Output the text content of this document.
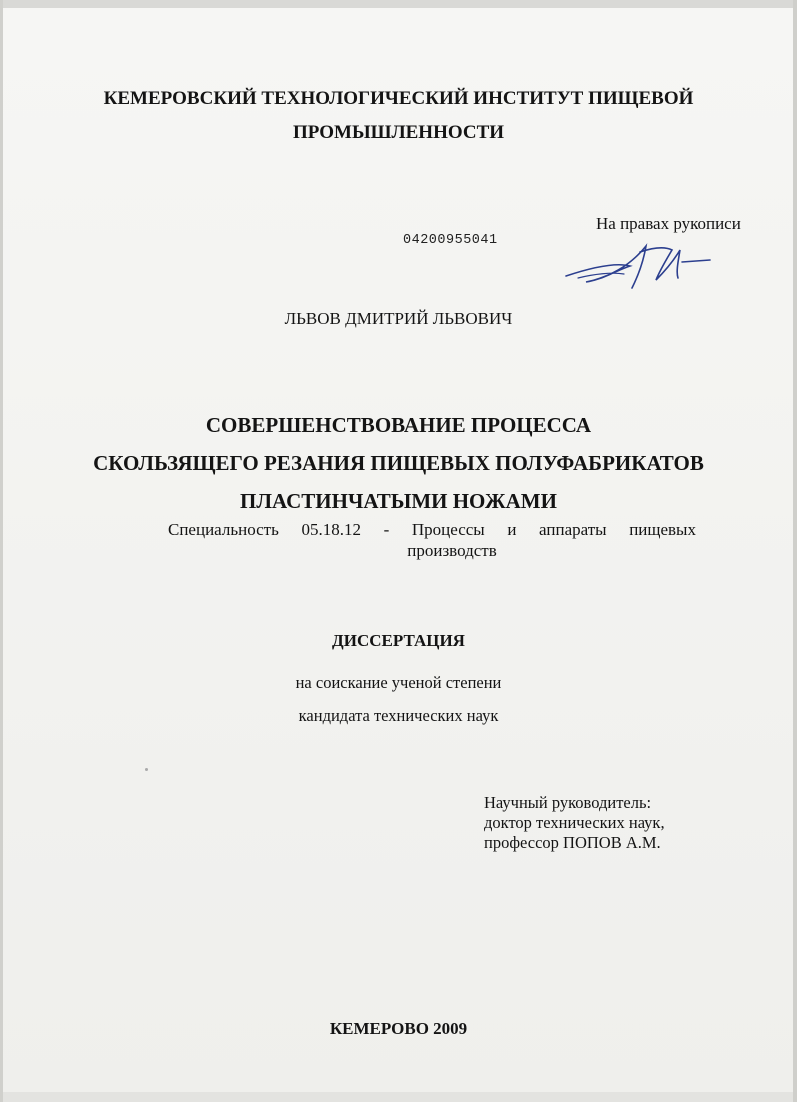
КЕМЕРОВСКИЙ ТЕХНОЛОГИЧЕСКИЙ ИНСТИТУТ ПИЩЕВОЙ
ПРОМЫШЛЕННОСТИ
На правах рукописи
04200955041
ЛЬВОВ ДМИТРИЙ ЛЬВОВИЧ
СОВЕРШЕНСТВОВАНИЕ ПРОЦЕССА
СКОЛЬЗЯЩЕГО РЕЗАНИЯ ПИЩЕВЫХ ПОЛУФАБРИКАТОВ
ПЛАСТИНЧАТЫМИ НОЖАМИ
Специальность 05.18.12 - Процессы и аппараты пищевых
производств
ДИССЕРТАЦИЯ
на соискание ученой степени
кандидата технических наук
Научный руководитель:
доктор технических наук,
профессор ПОПОВ А.М.
КЕМЕРОВО 2009
